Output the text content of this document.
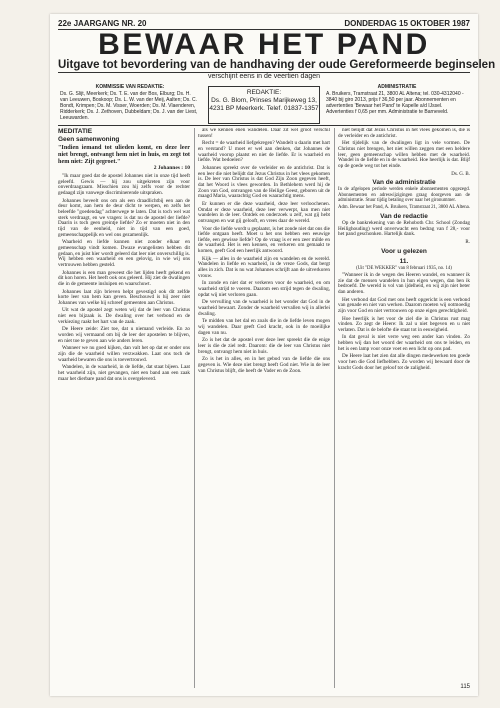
22e JAARGANG NR. 20	DONDERDAG 15 OKTOBER 1987
BEWAAR HET PAND
Uitgave tot bevordering van de handhaving der oude Gereformeerde beginselen
verschijnt eens in de veertien dagen
KOMMISSIE VAN REDAKTIE:
Ds. G. Slijt, Meerkerk; Ds. T. E. van der Bos, Elburg; Ds. H. van Leeuwen, Boskoop; Ds. L. W. van der Meij, Aalten; Ds. C. Bondt, Krimpen; Ds. M. Visser, Woerden; Ds. M. Vlaenderen, Ridderkerk; Ds. J. Zethoven, Dubbeldam; Ds. J. van der Liest, Leeuwarden.
REDAKTIE:
Ds. G. Blom, Prinses Marijkeweg 13,
4231 BP Meerkerk. Telef. 01837-1357
ADMINISTRATIE
A. Bruikers, Tramstraat 21, 3800 AL Altena; tel. 030-4312040 - 3840 bij giro 2013, prijs f 36,50 per jaar. Abonnementen en advertenties 'Bewaar het Pand' te Kapelle a/d IJssel. Advertenties f 0,65 per mm. Administratie te Barneveld.
MEDITATIE
Geen samenwoning

"Indien iemand tot ulieden komt, en deze leer niet brengt, ontvangt hem niet in huis, en zegt tot hem niet: Zijt gegroet."

2 Johannes : 10

"Ik maar goed dat de apostel Johannes niet in onze tijd heeft geleefd. Gewis — hij zou uitgekreten zijn voor onverdraagzaam. Misschien zou hij zelfs voor de rechter gedaagd zijn vanwege discriminerende uitspraken.

Johannes beveelt ons om als een draadlichtbij een aan de deur komt, aan hem de deur dicht te werpen, en zelfs het beleefde "goedendag" achterwege te laten. Dat is toch wel wat sterk verdraagt, en we vragen: is dat nu de apostel der liefde? Daarin is toch geen greintje liefde? Zo er moeten niet in den tijd van de eenheid, niet in tijd van een goed, gemeenschappelijk en wel ons gezamenlijk.

Waarheid en liefde kunnen niet zonder elkaar en gemeenschap vindt komen. Dwaze evangelisten hebben dit gedaan, en juist hier wordt geleerd dat leer niet onverschillig is. Wij hebben een waarheid en een gelovig, in wie wij ons vertrouwen hebben gesteld.

Johannes is een man geweest die het lijden heeft gekend en dit kon horen. Het heeft ook ons geleerd. Hij ziet de dwalingen die in de gemeente insluipen en waarschuwt.

Johannes laat zijn brieven helpt gevestigd ook dit zelfde korte leer van hem kan geven. Beschouwd is hij zeer niet Johannes van welke hij schreef gemeenten aan Christus.

Uit wat de apostel zegt weten wij dat de leer van Christus niet een bijzaak is. De dwaling over het verbond en de verkiezing raakt het hart van de zaak.

De Heere zeide: Ziet toe, dat u niemand verleide. En zo worden wij vermaand om bij de leer der apostelen te blijven, en niet toe te geven aan wie anders leren.

Wanneer we nu goed kijken, dan valt het op dat er onder ons zijn die de waarheid willen verzwakken. Laat ons toch de waarheid bewaren die ons is toevertrouwd.

Wandelen, in de waarheid, in de liefde, dat staat bijeen. Laat het waarheid zijn, niet gevangen, niet een band aan een zaak maar het dierbare pand dat ons is overgeleverd.

als we kennen enen wandelen. Daar zit wel groot verschil tussen!

Recht = de waarheid liefgekregen? Wandelt u daarin met hart en verstand? U moet er wel aan denken, dat Johannes de waarheid voorop plaatst en niet de liefde. Er is waarheid en liefde. Wat bedoelen?

Johannes spreekt over de verleider en de antichrist. Dat is een leer die niet belijdt dat Jezus Christus in het vlees gekomen is. De leer van Christus is dat God Zijn Zoon gegeven heeft, dat het Woord is vlees geworden. In Bethlehem werd hij de Zoon van God, ontvangen van de Heilige Geest, geboren uit de maagd Maria, waarachtig God en waarachtig mens.

Er kunnen er die deze waarheid, deze leer verloochenen. Omdat er deze waarheid, deze leer verwerpt, kan men niet wandelen in de leer. Ontdek en onderzoek u zelf, wat gij hebt ontvangen en wat gij gelooft, en vrees daar de wereld.

Voor die liefde wordt u geplaatst, is het zonde niet dat ons die liefde ontgaan heeft. Moet u het ons hebben een eeuwige liefde, een gewisse liefde? Op de vraag is er een zeer milde en de waarheid. Het is een kennen, en verkeren om gemaakt te komen, geeft God een heerlijk antwoord.

Kijk — alles in de waarheid zijn en wandelen en de wereld. Wandelen in liefde en waarheid, in de vreze Gods, dat bergt alles in zich. Dat is nu wat Johannes schrijft aan de uitverkoren vrouw.

In zonde en niet dat er verkeren voor de waarheid, en om waarheid strijd te voeren. Daarom een strijd tegen de dwaling, opdat wij niet verloren gaan.

De vervulling van de waarheid is het wonder dat God in de waarheid bewaart. Zonder de waarheid vervallen wij in allerlei dwaling.

Te midden van het dal en zoals die in de liefde leven mogen wij wandelen. Daar geeft God kracht, ook in de moeilijke dagen van nu.

Zo is het dat de apostel over deze leer spreekt die de enige leer is die de ziel redt. Daarom: die de leer van Christus niet brengt, ontvangt hem niet in huis.

Zo is het in alles, en in het gebod van de liefde die ons gegeven is. Wie deze niet brengt heeft God niet. Wie in de leer van Christus blijft, die heeft de Vader en de Zoon.

niet belijdt dat Jezus Christus in het vlees gekomen is, die is de verleider en de antichrist.

Het tijdelijk van de dwalingen ligt in vele vormen. De Christus niet brengen, het niet willen zeggen met een heldere leer, geen gemeenschap willen hebben met de waarheid. Wandel in de liefde en in de waarheid. Hoe heerlijk is dat. Blijf op de goede weg tot het einde.

Ds. G. B.

Van de administratie

In de afgelopen periode werden enkele abonnementen opgezegd. Abonnementen en adreswijzigingen graag doorgeven aan de administratie. Stuur tijdig betaling over naar het gironummer.

Adm. Bewaar het Pand, A. Bruikers, Tramstraat 21, 3800 AL Altena.

Van de redactie

Op de bankrekening van de Rehoboth Chr. School (Zondag Heilighouding) werd onverwacht een bedrag van f 28,- voor het pand geschonken. Hartelijk dank.

R.

Voor u gelezen
11.

(Uit "DE WEKKER" van 8 februari 1935, no. 14)

"Wanneer ik in de wegen des Heeren wandel, en wanneer ik zie dat de mensen wandelen in hun eigen wegen, dan ben ik bedroefd. De wereld is vol van ijdelheid, en wij zijn niet beter dan anderen.

Het verbond dat God met ons heeft opgericht is een verbond van genade en niet van werken. Daarom moeten wij ootmoedig zijn voor God en niet vertrouwen op onze eigen gerechtigheid.

Hoe heerlijk is het voor de ziel die in Christus rust mag vinden. Zo zegt de Heere: Ik zal u niet begeven en u niet verlaten. Dat is de belofte die staat tot in eeuwigheid.

In dat geval is niet verre weg een ander kan vinden. Zo hebben wij dan het woord der waarheid om ons te leiden, en het is een lamp voor onze voet en een licht op ons pad.

De Heere laat het zien dat alle dingen medewerken ten goede voor hen die God liefhebben. Zo worden wij bewaard door de kracht Gods door het geloof tot de zaligheid.

115
